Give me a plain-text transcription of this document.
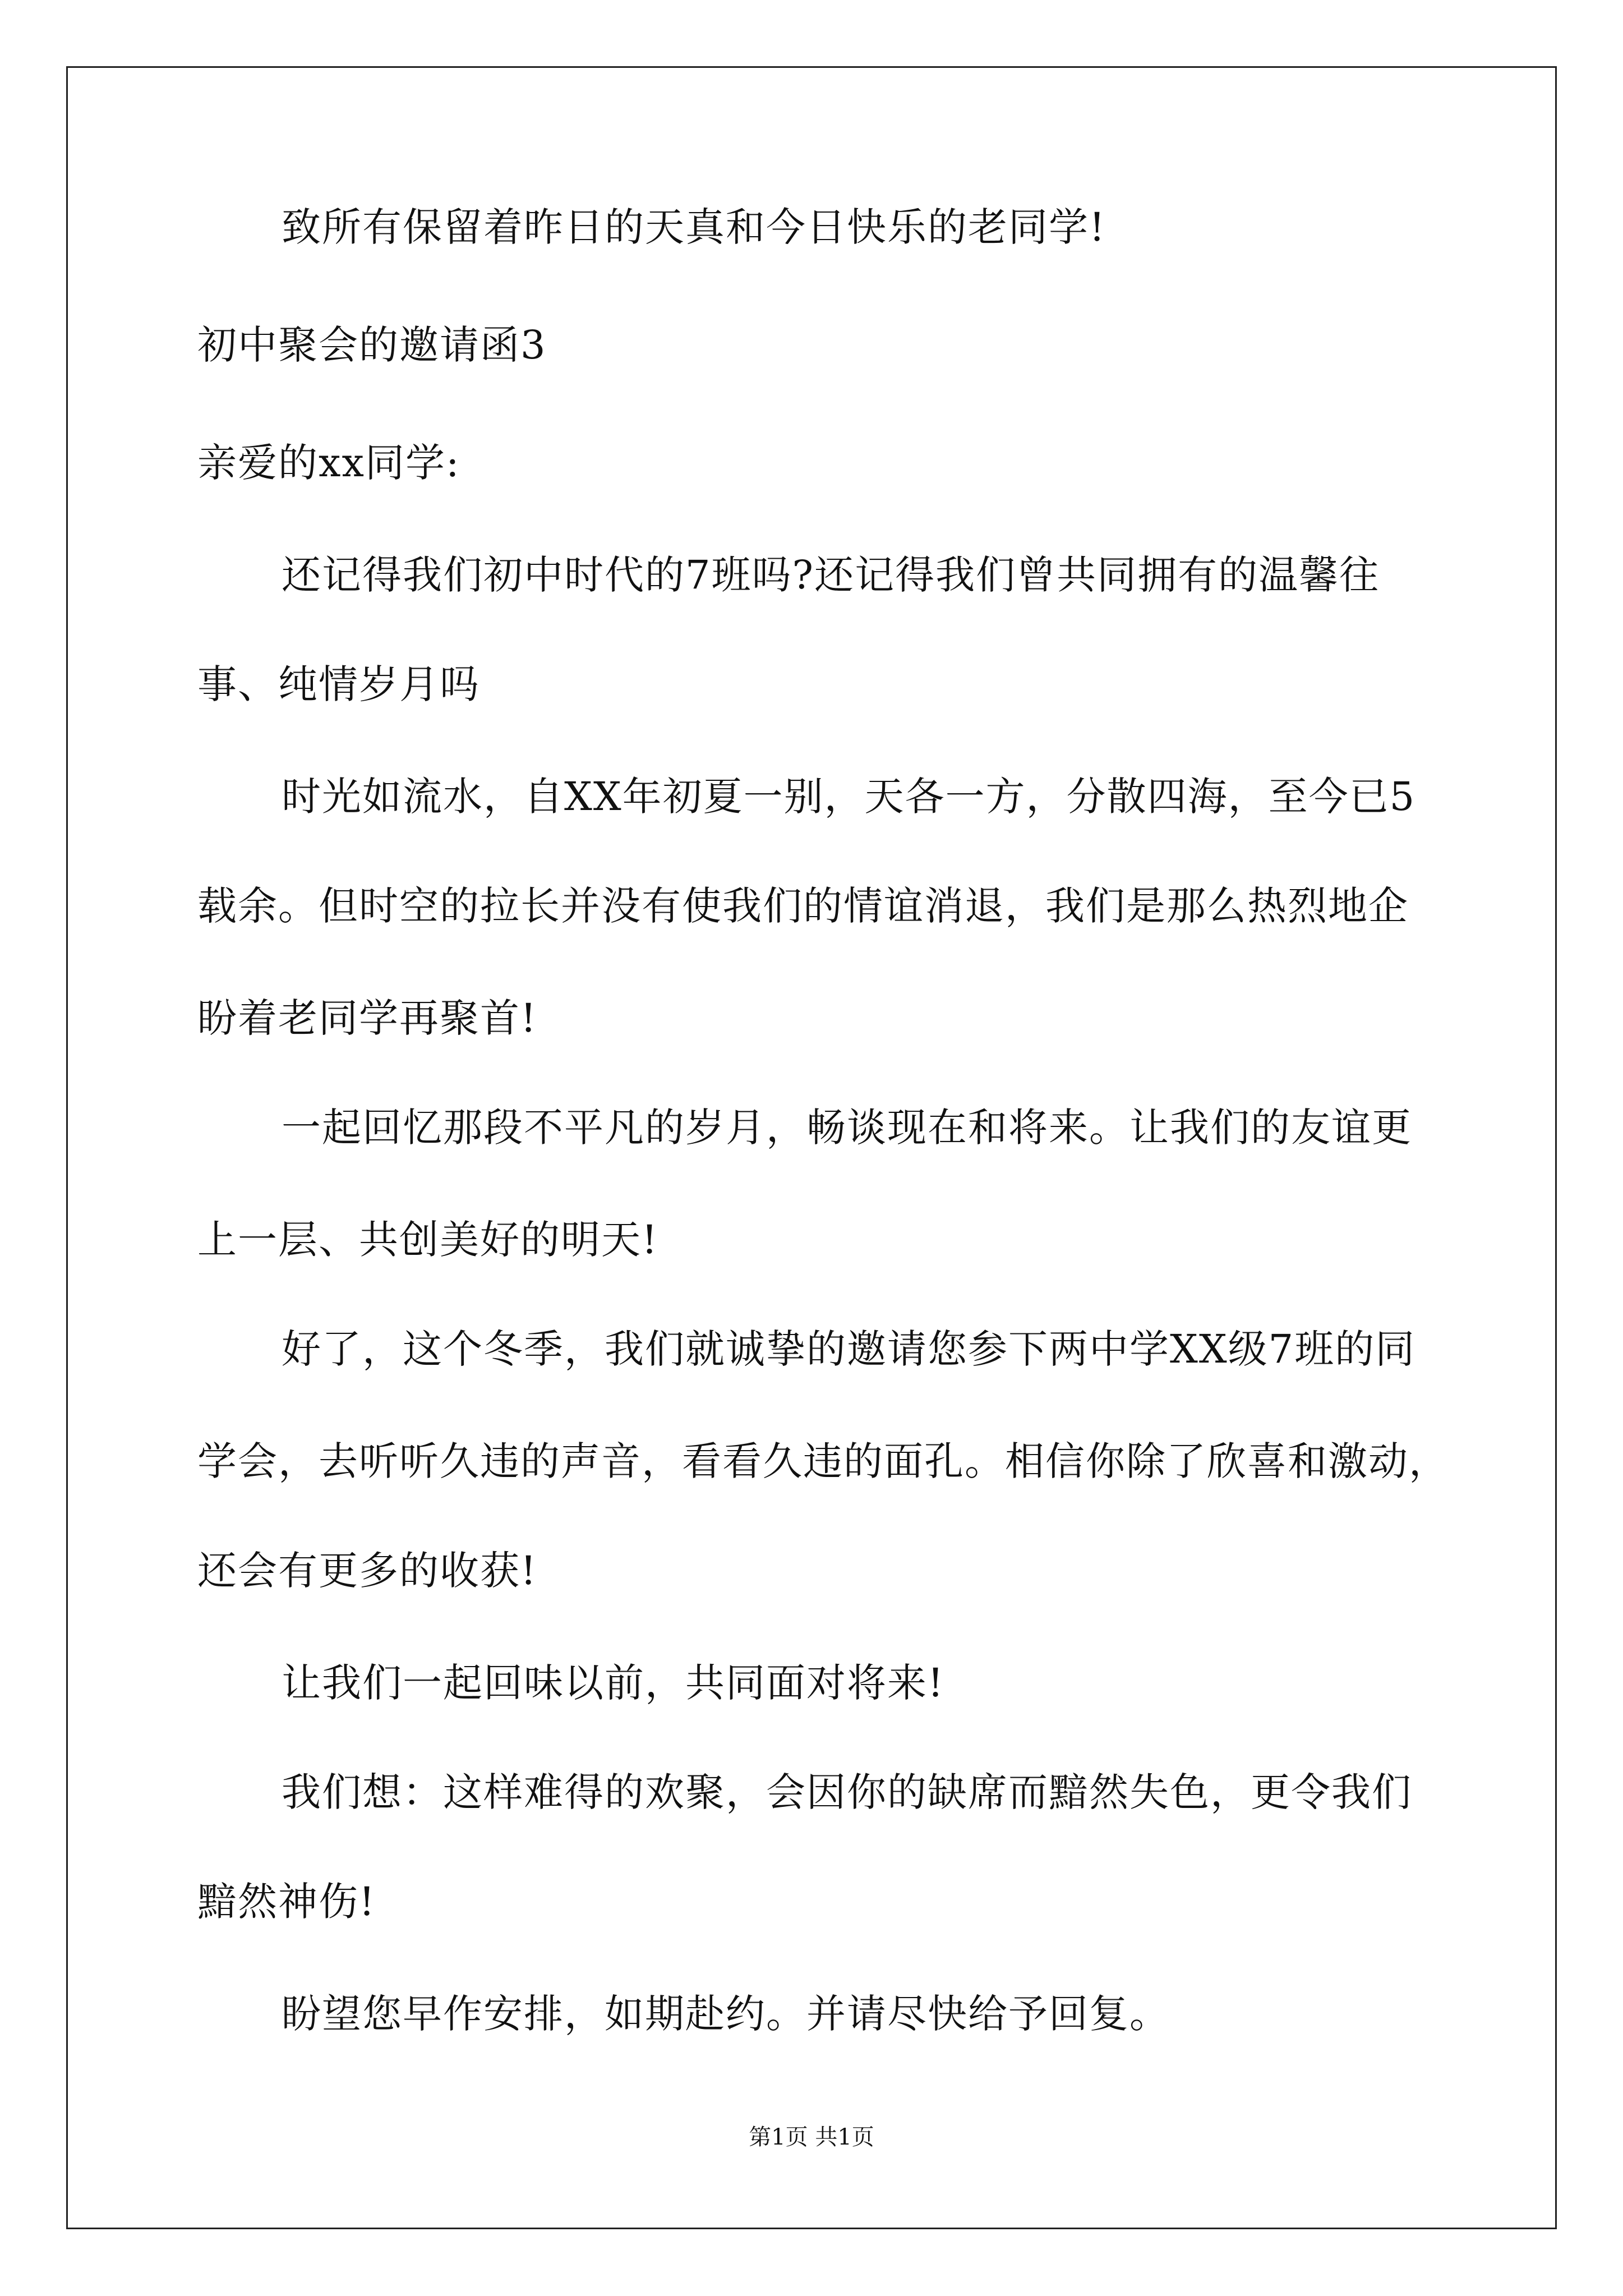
致所有保留着昨日的天真和今日快乐的老同学!
初中聚会的邀请函3
亲爱的xx同学:
还记得我们初中时代的7班吗?还记得我们曾共同拥有的温馨往
事、纯情岁月吗
时光如流水，自XX年初夏一别，天各一方，分散四海，至今已5
载余。但时空的拉长并没有使我们的情谊消退，我们是那么热烈地企
盼着老同学再聚首!
一起回忆那段不平凡的岁月，畅谈现在和将来。让我们的友谊更
上一层、共创美好的明天!
好了，这个冬季，我们就诚挚的邀请您参下两中学XX级7班的同
学会，去听听久违的声音，看看久违的面孔。相信你除了欣喜和激动，
还会有更多的收获!
让我们一起回味以前，共同面对将来!
我们想：这样难得的欢聚，会因你的缺席而黯然失色，更令我们
黯然神伤!
盼望您早作安排，如期赴约。并请尽快给予回复。
第1页 共1页
